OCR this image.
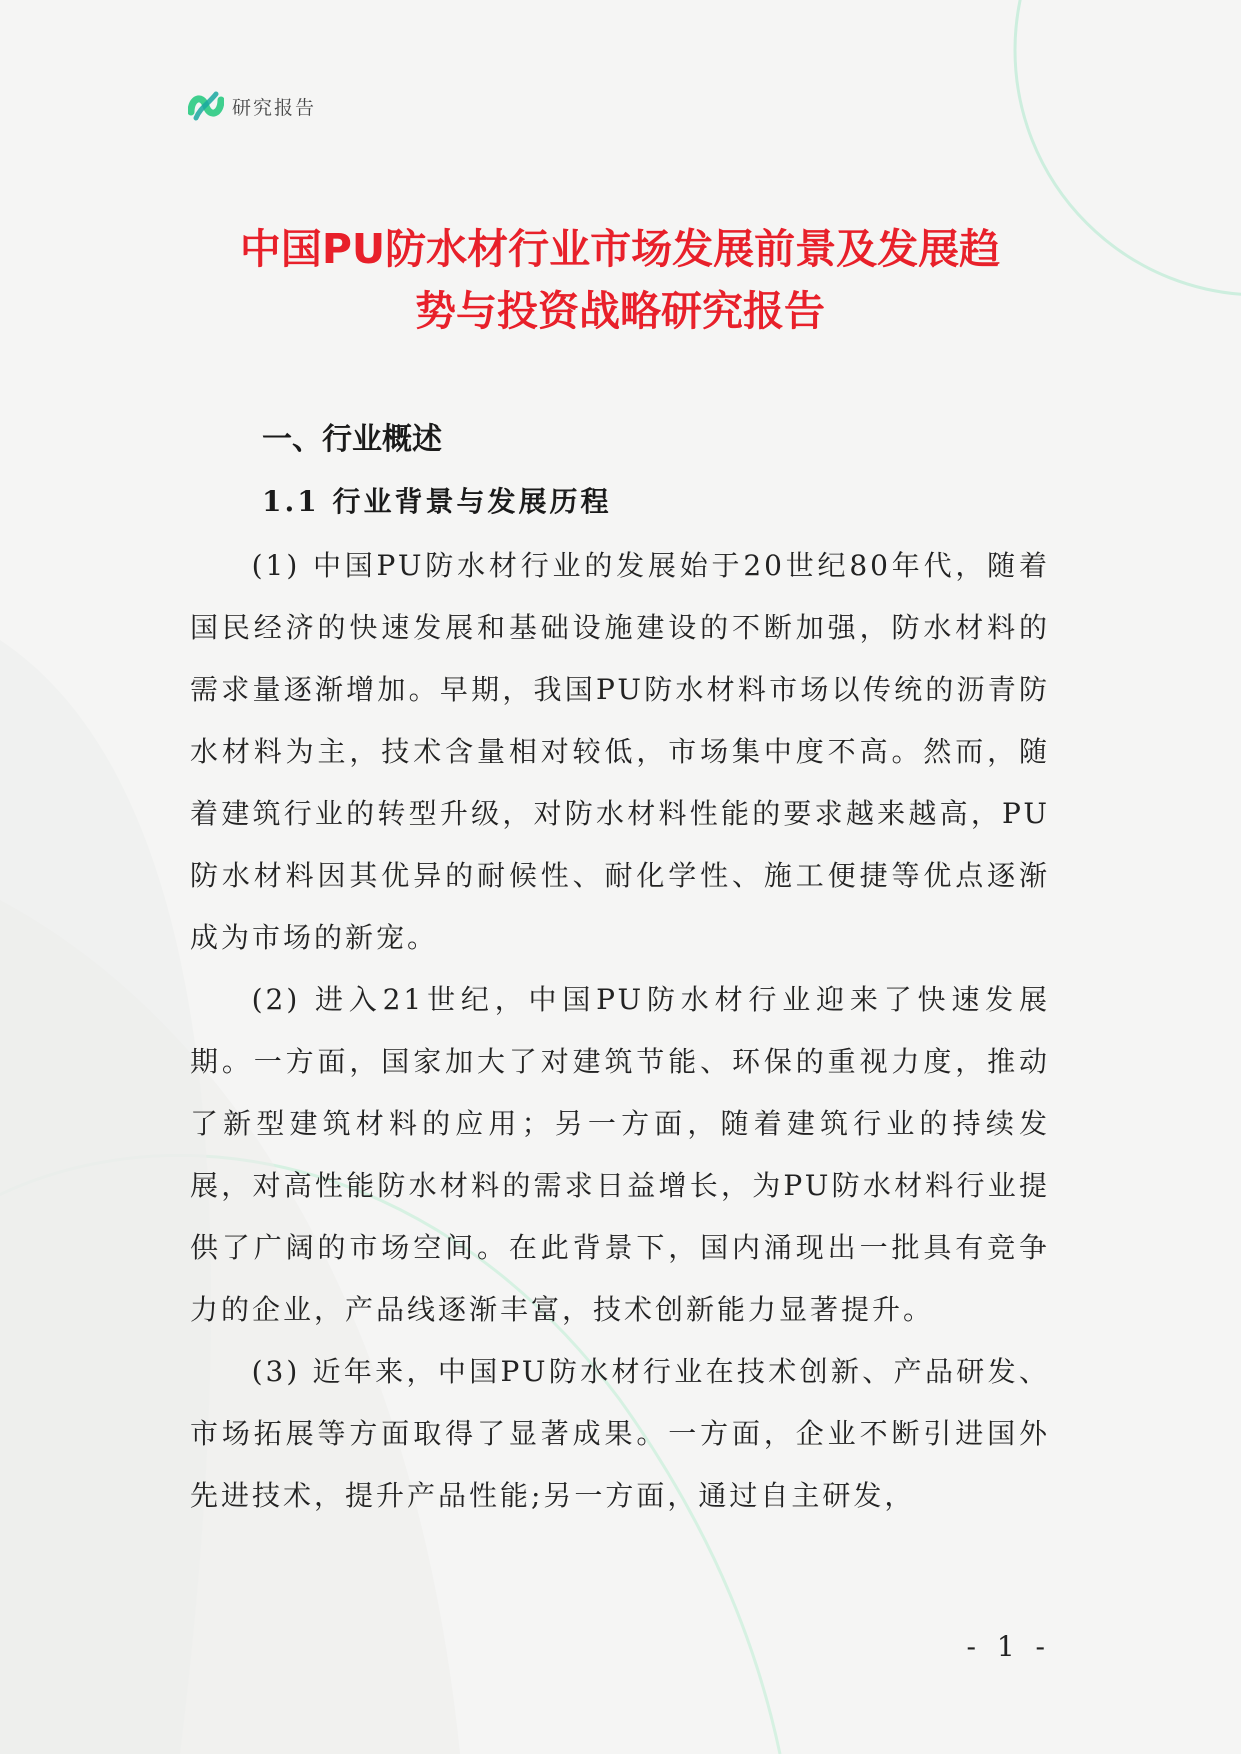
研究报告
中国PU防水材行业市场发展前景及发展趋
势与投资战略研究报告
一、行业概述
1.1 行业背景与发展历程

(1) 中国PU防水材行业的发展始于20世纪80年代，随着国民经济的快速发展和基础设施建设的不断加强，防水材料的需求量逐渐增加。早期，我国PU防水材料市场以传统的沥青防水材料为主，技术含量相对较低，市场集中度不高。然而，随着建筑行业的转型升级，对防水材料性能的要求越来越高，PU防水材料因其优异的耐候性、耐化学性、施工便捷等优点逐渐成为市场的新宠。

(2) 进入21世纪，中国PU防水材行业迎来了快速发展期。一方面，国家加大了对建筑节能、环保的重视力度，推动了新型建筑材料的应用；另一方面，随着建筑行业的持续发展，对高性能防水材料的需求日益增长，为PU防水材料行业提供了广阔的市场空间。在此背景下，国内涌现出一批具有竞争力的企业，产品线逐渐丰富，技术创新能力显著提升。

(3) 近年来，中国PU防水材行业在技术创新、产品研发、市场拓展等方面取得了显著成果。一方面，企业不断引进国外先进技术，提升产品性能;另一方面，通过自主研发，

- 1 -
